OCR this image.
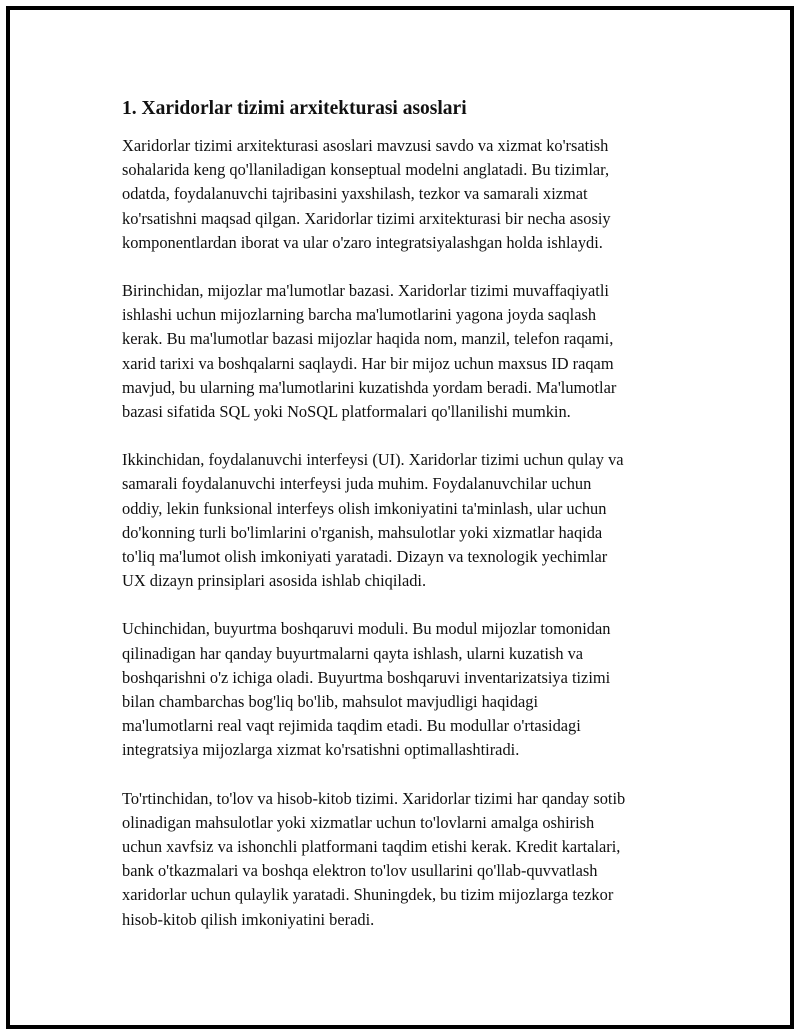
1. Xaridorlar tizimi arxitekturasi asoslari

Xaridorlar tizimi arxitekturasi asoslari mavzusi savdo va xizmat ko'rsatish
sohalarida keng qo'llaniladigan konseptual modelni anglatadi. Bu tizimlar,
odatda, foydalanuvchi tajribasini yaxshilash, tezkor va samarali xizmat
ko'rsatishni maqsad qilgan. Xaridorlar tizimi arxitekturasi bir necha asosiy
komponentlardan iborat va ular o'zaro integratsiyalashgan holda ishlaydi.

Birinchidan, mijozlar ma'lumotlar bazasi. Xaridorlar tizimi muvaffaqiyatli
ishlashi uchun mijozlarning barcha ma'lumotlarini yagona joyda saqlash
kerak. Bu ma'lumotlar bazasi mijozlar haqida nom, manzil, telefon raqami,
xarid tarixi va boshqalarni saqlaydi. Har bir mijoz uchun maxsus ID raqam
mavjud, bu ularning ma'lumotlarini kuzatishda yordam beradi. Ma'lumotlar
bazasi sifatida SQL yoki NoSQL platformalari qo'llanilishi mumkin.

Ikkinchidan, foydalanuvchi interfeysi (UI). Xaridorlar tizimi uchun qulay va
samarali foydalanuvchi interfeysi juda muhim. Foydalanuvchilar uchun
oddiy, lekin funksional interfeys olish imkoniyatini ta'minlash, ular uchun
do'konning turli bo'limlarini o'rganish, mahsulotlar yoki xizmatlar haqida
to'liq ma'lumot olish imkoniyati yaratadi. Dizayn va texnologik yechimlar
UX dizayn prinsiplari asosida ishlab chiqiladi.

Uchinchidan, buyurtma boshqaruvi moduli. Bu modul mijozlar tomonidan
qilinadigan har qanday buyurtmalarni qayta ishlash, ularni kuzatish va
boshqarishni o'z ichiga oladi. Buyurtma boshqaruvi inventarizatsiya tizimi
bilan chambarchas bog'liq bo'lib, mahsulot mavjudligi haqidagi
ma'lumotlarni real vaqt rejimida taqdim etadi. Bu modullar o'rtasidagi
integratsiya mijozlarga xizmat ko'rsatishni optimallashtiradi.

To'rtinchidan, to'lov va hisob-kitob tizimi. Xaridorlar tizimi har qanday sotib
olinadigan mahsulotlar yoki xizmatlar uchun to'lovlarni amalga oshirish
uchun xavfsiz va ishonchli platformani taqdim etishi kerak. Kredit kartalari,
bank o'tkazmalari va boshqa elektron to'lov usullarini qo'llab-quvvatlash
xaridorlar uchun qulaylik yaratadi. Shuningdek, bu tizim mijozlarga tezkor
hisob-kitob qilish imkoniyatini beradi.
